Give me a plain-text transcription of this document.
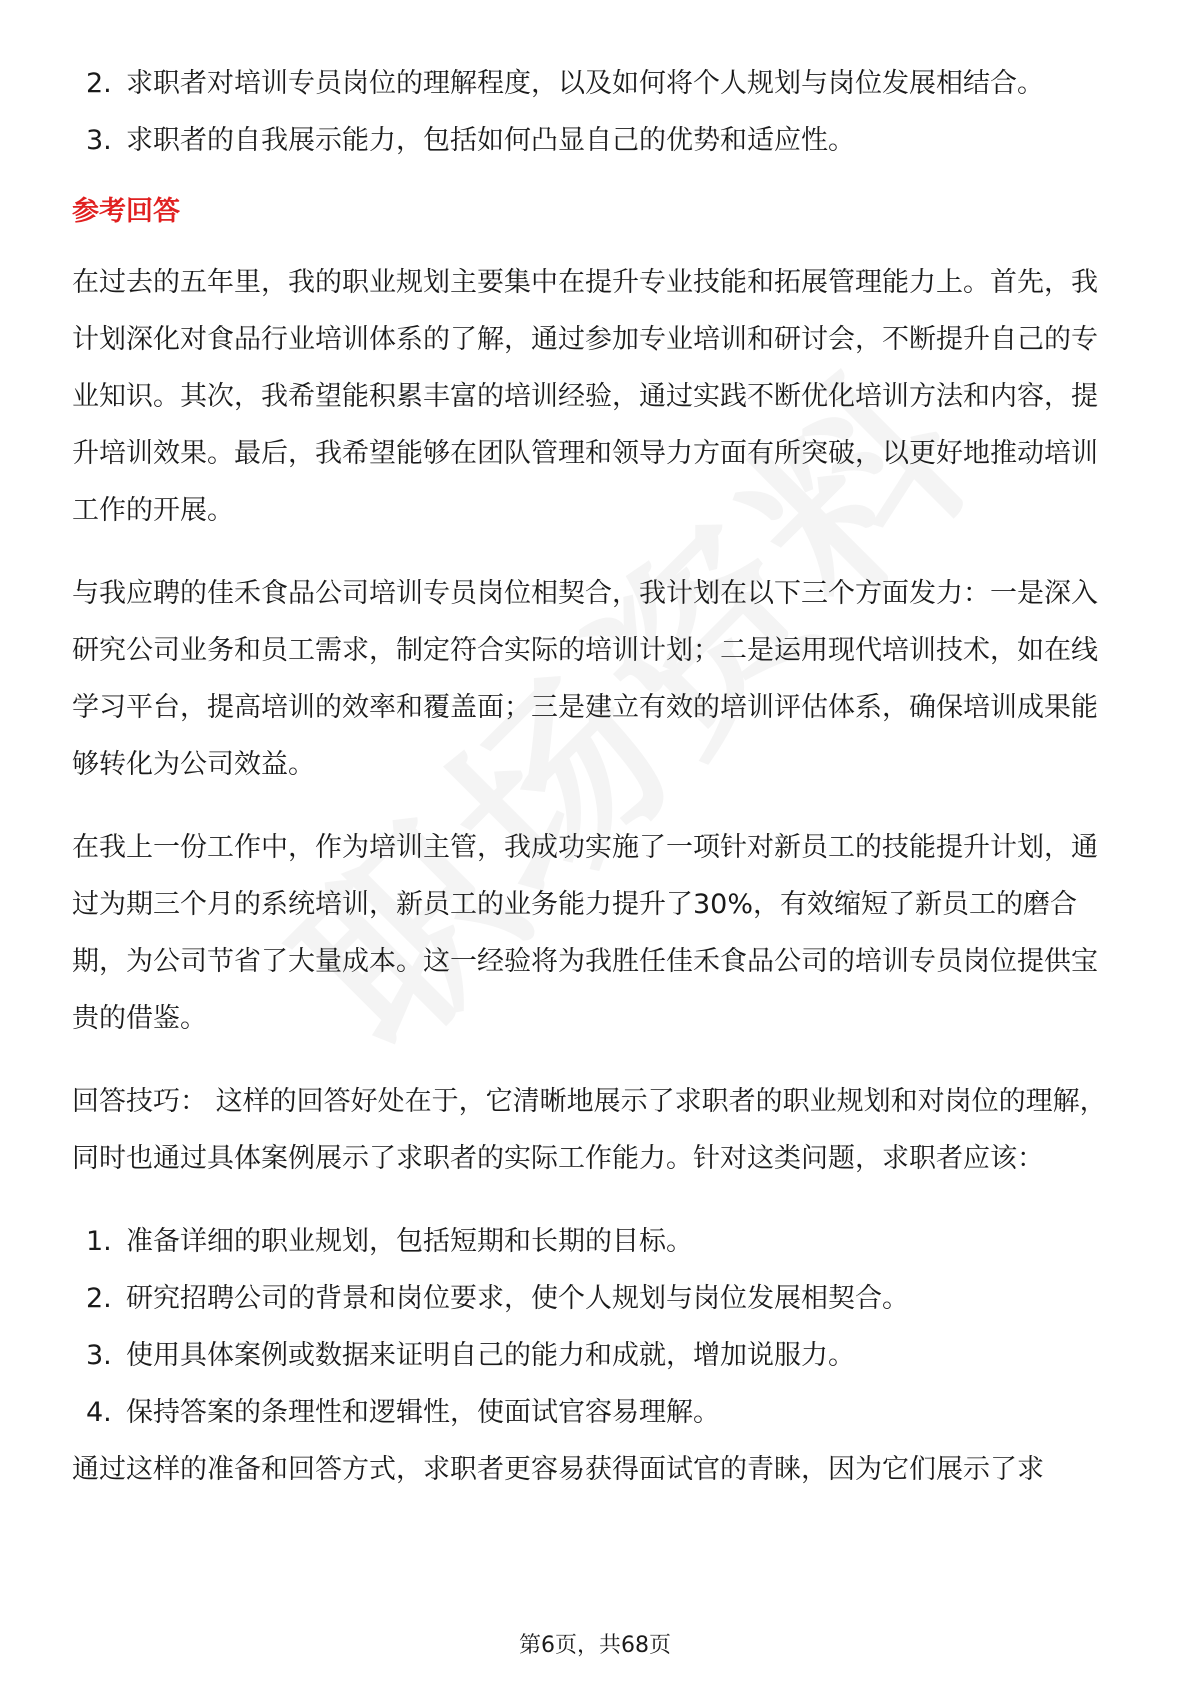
2. 求职者对培训专员岗位的理解程度，以及如何将个人规划与岗位发展相结合。
3. 求职者的自我展示能力，包括如何凸显自己的优势和适应性。
参考回答

在过去的五年里，我的职业规划主要集中在提升专业技能和拓展管理能力上。首先，我计划深化对食品行业培训体系的了解，通过参加专业培训和研讨会，不断提升自己的专业知识。其次，我希望能积累丰富的培训经验，通过实践不断优化培训方法和内容，提升培训效果。最后，我希望能够在团队管理和领导力方面有所突破，以更好地推动培训工作的开展。

与我应聘的佳禾食品公司培训专员岗位相契合，我计划在以下三个方面发力：一是深入研究公司业务和员工需求，制定符合实际的培训计划；二是运用现代培训技术，如在线学习平台，提高培训的效率和覆盖面；三是建立有效的培训评估体系，确保培训成果能够转化为公司效益。

在我上一份工作中，作为培训主管，我成功实施了一项针对新员工的技能提升计划，通过为期三个月的系统培训，新员工的业务能力提升了30%，有效缩短了新员工的磨合期，为公司节省了大量成本。这一经验将为我胜任佳禾食品公司的培训专员岗位提供宝贵的借鉴。

回答技巧： 这样的回答好处在于，它清晰地展示了求职者的职业规划和对岗位的理解，同时也通过具体案例展示了求职者的实际工作能力。针对这类问题，求职者应该：

1. 准备详细的职业规划，包括短期和长期的目标。
2. 研究招聘公司的背景和岗位要求，使个人规划与岗位发展相契合。
3. 使用具体案例或数据来证明自己的能力和成就，增加说服力。
4. 保持答案的条理性和逻辑性，使面试官容易理解。

通过这样的准备和回答方式，求职者更容易获得面试官的青睐，因为它们展示了求

第6页，共68页
